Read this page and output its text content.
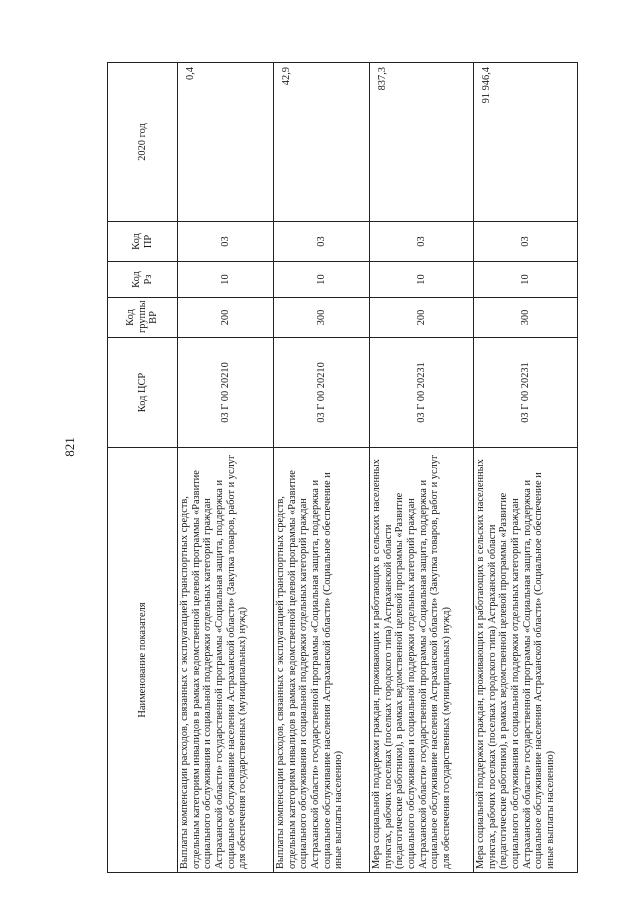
821
Наименование показателя	Код ЦСР	Код группы ВР	Код Рз	Код ПР	2020 год
Выплаты компенсации расходов, связанных с эксплуатацией транспортных средств, отдельным категориям инвалидов в рамках ведомственной целевой программы «Развитие социального обслуживания и социальной поддержки отдельных категорий граждан Астраханской области» государственной программы «Социальная защита, поддержка и социальное обслуживание населения Астраханской области» (Закупка товаров, работ и услуг для обеспечения государственных (муниципальных) нужд)	03 Г 00 20210	200	10	03	0,4
Выплаты компенсации расходов, связанных с эксплуатацией транспортных средств, отдельным категориям инвалидов в рамках ведомственной целевой программы «Развитие социального обслуживания и социальной поддержки отдельных категорий граждан Астраханской области» государственной программы «Социальная защита, поддержка и социальное обслуживание населения Астраханской области» (Социальное обеспечение и иные выплаты населению)	03 Г 00 20210	300	10	03	42,9
Мера социальной поддержки граждан, проживающих и работающих в сельских населенных пунктах, рабочих поселках (поселках городского типа) Астраханской области (педагогические работники), в рамках ведомственной целевой программы «Развитие социального обслуживания и социальной поддержки отдельных категорий граждан Астраханской области» государственной программы «Социальная защита, поддержка и социальное обслуживание населения Астраханской области» (Закупка товаров, работ и услуг для обеспечения государственных (муниципальных) нужд)	03 Г 00 20231	200	10	03	837,3
Мера социальной поддержки граждан, проживающих и работающих в сельских населенных пунктах, рабочих поселках (поселках городского типа) Астраханской области (педагогические работники), в рамках ведомственной целевой программы «Развитие социального обслуживания и социальной поддержки отдельных категорий граждан Астраханской области» государственной программы «Социальная защита, поддержка и социальное обслуживание населения Астраханской области» (Социальное обеспечение и иные выплаты населению)	03 Г 00 20231	300	10	03	91 946,4
